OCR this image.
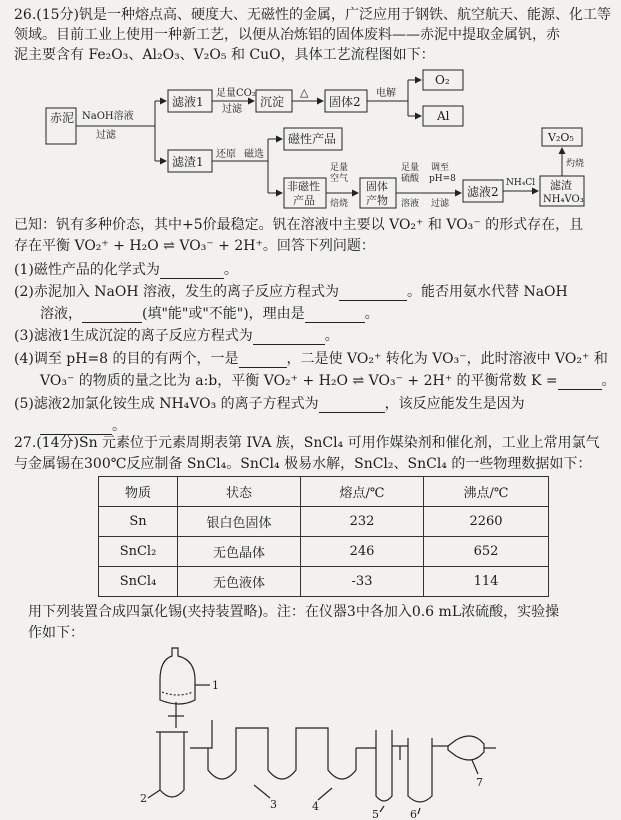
26.(15分)钒是一种熔点高、硬度大、无磁性的金属，广泛应用于钢铁、航空航天、能源、化工等
领域。目前工业上使用一种新工艺，以便从冶炼铝的固体废料——赤泥中提取金属钒，赤
泥主要含有 Fe₂O₃、Al₂O₃、V₂O₅ 和 CuO，具体工艺流程图如下：
赤泥 NaOH溶液
过滤
滤液1
足量CO₂
过滤
沉淀
△
固体2
电解
O₂
Al
滤渣1
还原 磁选
磁性产品
非磁性
产品
足量
空气
焙烧
固体
产物
足量
硫酸
溶液
调至
pH=8
过滤
滤液2
NH₄Cl 滤渣
NH₄VO₃
灼烧
V₂O₅
已知：钒有多种价态，其中+5价最稳定。钒在溶液中主要以 VO₂⁺ 和 VO₃⁻ 的形式存在，且
存在平衡 VO₂⁺ + H₂O ⇌ VO₃⁻ + 2H⁺。回答下列问题：
(1)磁性产品的化学式为	。
(2)赤泥加入 NaOH 溶液，发生的离子反应方程式为	。能否用氨水代替 NaOH
溶液，	(填"能"或"不能")，理由是	。
(3)滤液1生成沉淀的离子反应方程式为	。
(4)调至 pH=8 的目的有两个，一是	，二是使 VO₂⁺ 转化为 VO₃⁻，此时溶液中 VO₂⁺ 和
VO₃⁻ 的物质的量之比为 a:b，平衡 VO₂⁺ + H₂O ⇌ VO₃⁻ + 2H⁺ 的平衡常数 K =	。
(5)滤液2加氯化铵生成 NH₄VO₃ 的离子方程式为	，该反应能发生是因为
。
27.(14分)Sn 元素位于元素周期表第 IVA 族，SnCl₄ 可用作媒染剂和催化剂，工业上常用氯气
与金属锡在300℃反应制备 SnCl₄。SnCl₄ 极易水解，SnCl₂、SnCl₄ 的一些物理数据如下：
物质	状态	熔点/℃	沸点/℃
Sn	银白色固体	232	2260
SnCl₂	无色晶体	246	652
SnCl₄	无色液体	-33	114
用下列装置合成四氯化锡(夹持装置略)。注：在仪器3中各加入0.6 mL浓硫酸，实验操
作如下：
1
2	3	4
5	6
7
